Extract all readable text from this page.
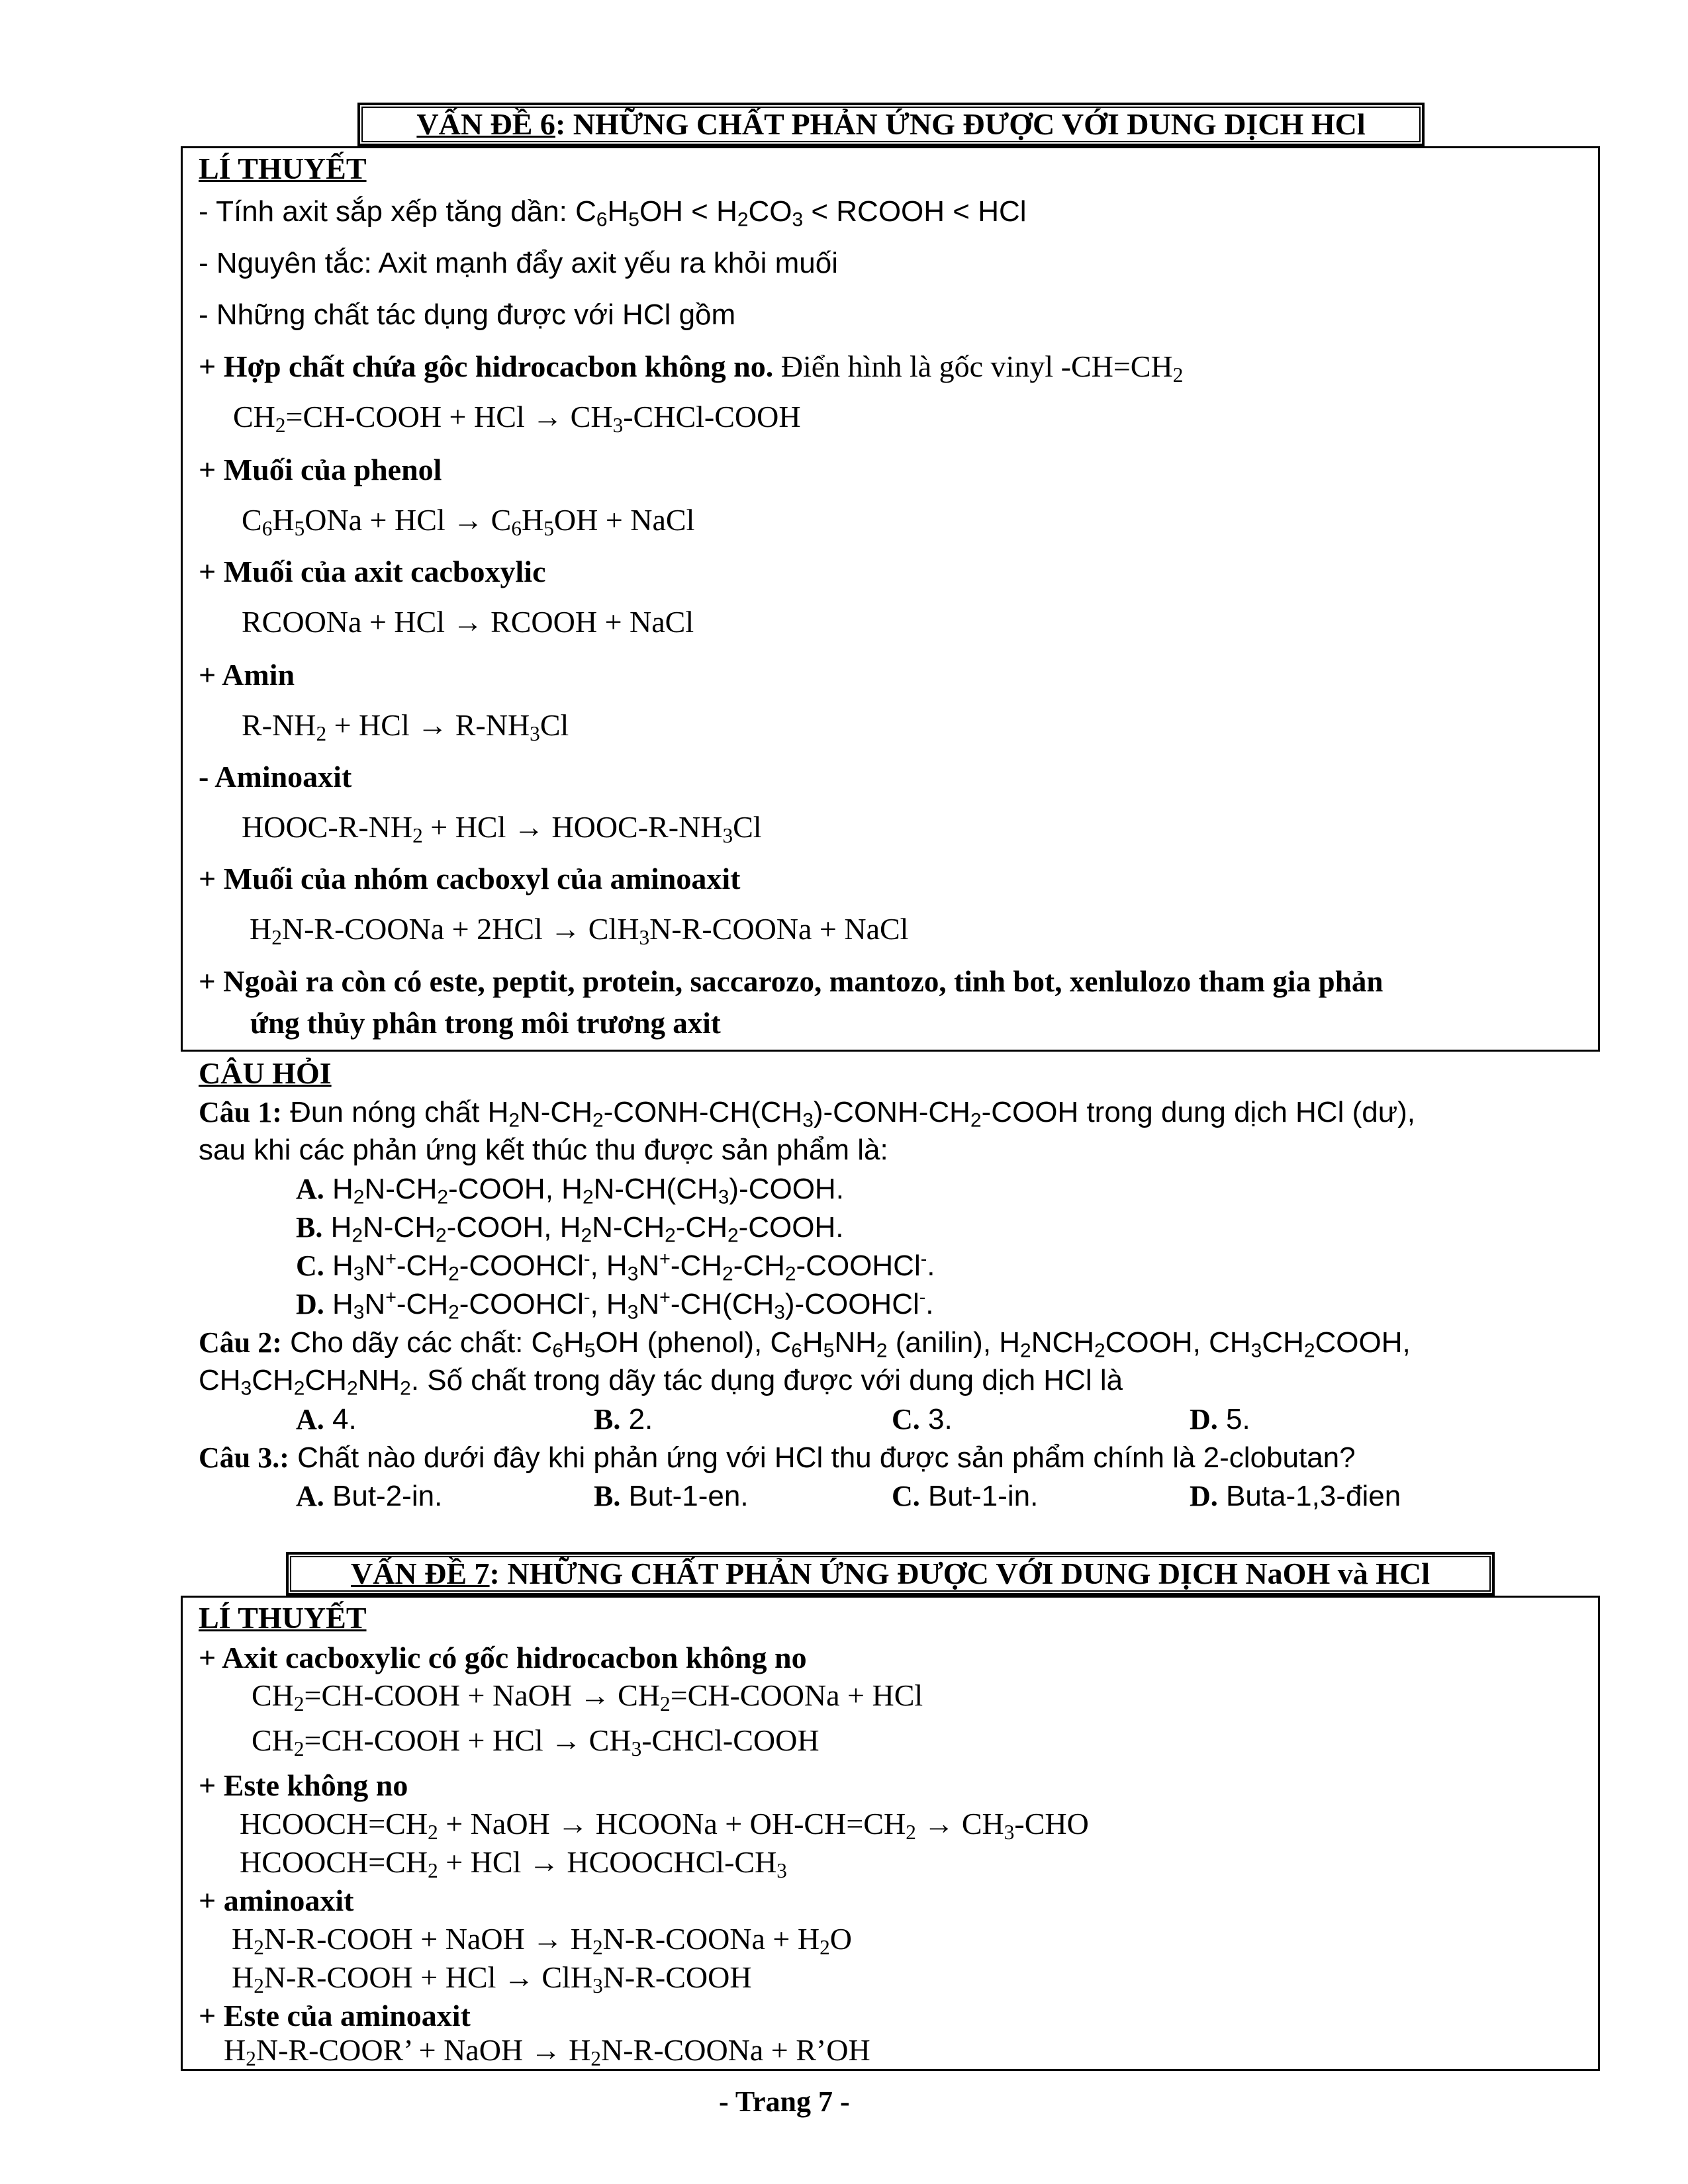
VẤN ĐỀ 6: NHỮNG CHẤT PHẢN ỨNG ĐƯỢC VỚI DUNG DỊCH HCl
LÍ THUYẾT
- Tính axit sắp xếp tăng dần: $C_6H_5OH < H_2CO_3$ < RCOOH < HCl
- Nguyên tắc: Axit mạnh đẩy axit yếu ra khỏi muối
- Những chất tác dụng được với HCl gồm
+ Hợp chất chứa gôc hidrocacbon không no. Điển hình là gốc vinyl $-CH=CH_2$
$CH_2=CH$-COOH + HCl → $CH_3-CHCl$-COOH
+ Muối của phenol
$C_6H_5ONa$ + HCl → $C_6H_5OH$ + NaCl
+ Muối của axit cacboxylic
RCOONa + HCl → RCOOH + NaCl
+ Amin
$R-NH_2$ + HCl → $R-NH_3Cl$
- Aminoaxit
HOOC-$R-NH_2$ + HCl → HOOC-$R-NH_3Cl$
+ Muối của nhóm cacboxyl của aminoaxit
$H_2N-R$-COONa + 2HCl → ClH$_3$N-R-COONa + NaCl
+ Ngoài ra còn có este, peptit, protein, saccarozo, mantozo, tinh bot, xenlulozo tham gia phản
ứng thủy phân trong môi trương axit
CÂU HỎI
Câu 1: Đun nóng chất $H_2N-CH_2-CONH-CH(CH_3)-CONH-CH_2$-COOH trong dung dịch HCl (dư),
sau khi các phản ứng kết thúc thu được sản phẩm là:
A. $H_2N-CH_2$-COOH, $H_2N-CH(CH_3)$-COOH.
B. $H_2N-CH_2$-COOH, $H_2N-CH_2-CH_2$-COOH.
C. $H_3N^+-CH_2-COOHCl^-$, $H_3N^+-CH_2-CH_2-COOHCl^-$.
D. $H_3N^+-CH_2-COOHCl^-$, $H_3N^+-CH(CH_3)-COOHCl^-$.
Câu 2: Cho dãy các chất: $C_6H_5OH$ (phenol), $C_6H_5NH_2$ (anilin), $H_2NCH_2COOH$, $CH_3CH_2COOH$,
$CH_3CH_2CH_2NH_2$. Số chất trong dãy tác dụng được với dung dịch HCl là
A. 4.	B. 2.	C. 3.	D. 5.
Câu 3.: Chất nào dưới đây khi phản ứng với HCl thu được sản phẩm chính là 2-clobutan?
A. But-2-in.	B. But-1-en.	C. But-1-in.	D. Buta-1,3-đien
VẤN ĐỀ 7: NHỮNG CHẤT PHẢN ỨNG ĐƯỢC VỚI DUNG DỊCH NaOH và HCl
LÍ THUYẾT
+ Axit cacboxylic có gốc hidrocacbon không no
$CH_2=CH$-COOH + NaOH → $CH_2=CH$-COONa + HCl
$CH_2=CH$-COOH + HCl → $CH_3-CHCl$-COOH
+ Este không no
$HCOOCH=CH_2$ + NaOH → HCOONa + $OH-CH=CH_2 \to CH_3-CHO$
$HCOOCH=CH_2$ + HCl → HCOOCHCl-$CH_3$
+ aminoaxit
$H_2N-R$-COOH + NaOH → $H_2N-R$-COONa + $H_2O$
$H_2N-R$-COOH + HCl → ClH$_3$N-R-COOH
+ Este của aminoaxit
$H_2N-R$-COOR’ + NaOH → $H_2N-R$-COONa + R’OH
- Trang 7 -
